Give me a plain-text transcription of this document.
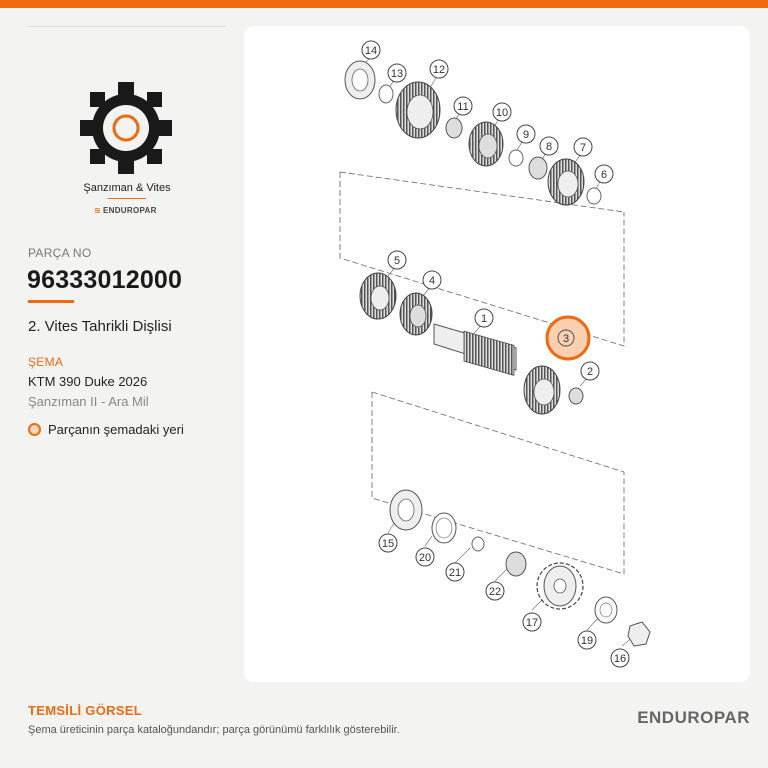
Şanzıman & Vites
≋ ENDUROPAR
PARÇA NO
96333012000
2. Vites Tahrikli Dişlisi
ŞEMA
KTM 390 Duke 2026
Şanzıman II - Ara Mil
Parçanın şemadaki yeri
14
13	12
11 10
9
8	7
6
5
4
1
3
2
15
20
21
22
17
19
16
TEMSİLİ GÖRSEL
Şema üreticinin parça kataloğundandır; parça görünümü farklılık gösterebilir.
ENDUROPAR
